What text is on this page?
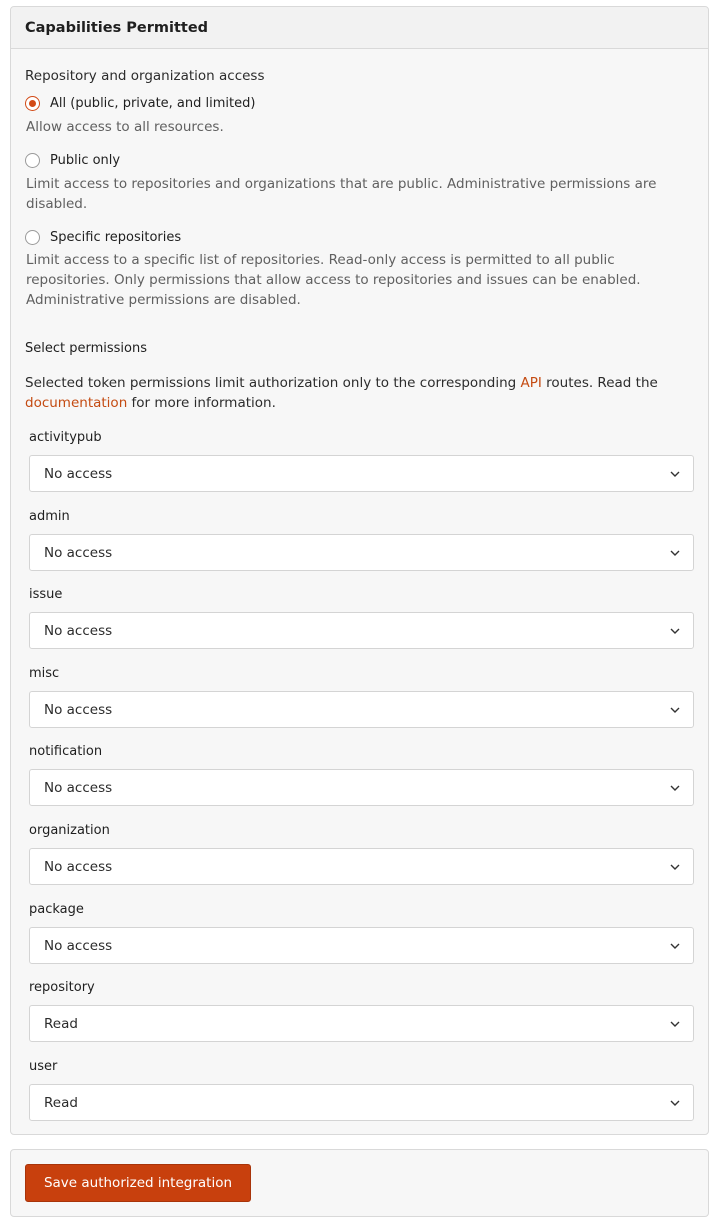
Capabilities Permitted
Repository and organization access
All (public, private, and limited)
Allow access to all resources.
Public only
Limit access to repositories and organizations that are public. Administrative permissions are disabled.
Specific repositories
Limit access to a specific list of repositories. Read-only access is permitted to all public repositories. Only permissions that allow access to repositories and issues can be enabled. Administrative permissions are disabled.
Select permissions
Selected token permissions limit authorization only to the corresponding API routes. Read the documentation for more information.
activitypub
No access
admin
No access
issue
No access
misc
No access
notification
No access
organization
No access
package
No access
repository
Read
user
Read
Save authorized integration
